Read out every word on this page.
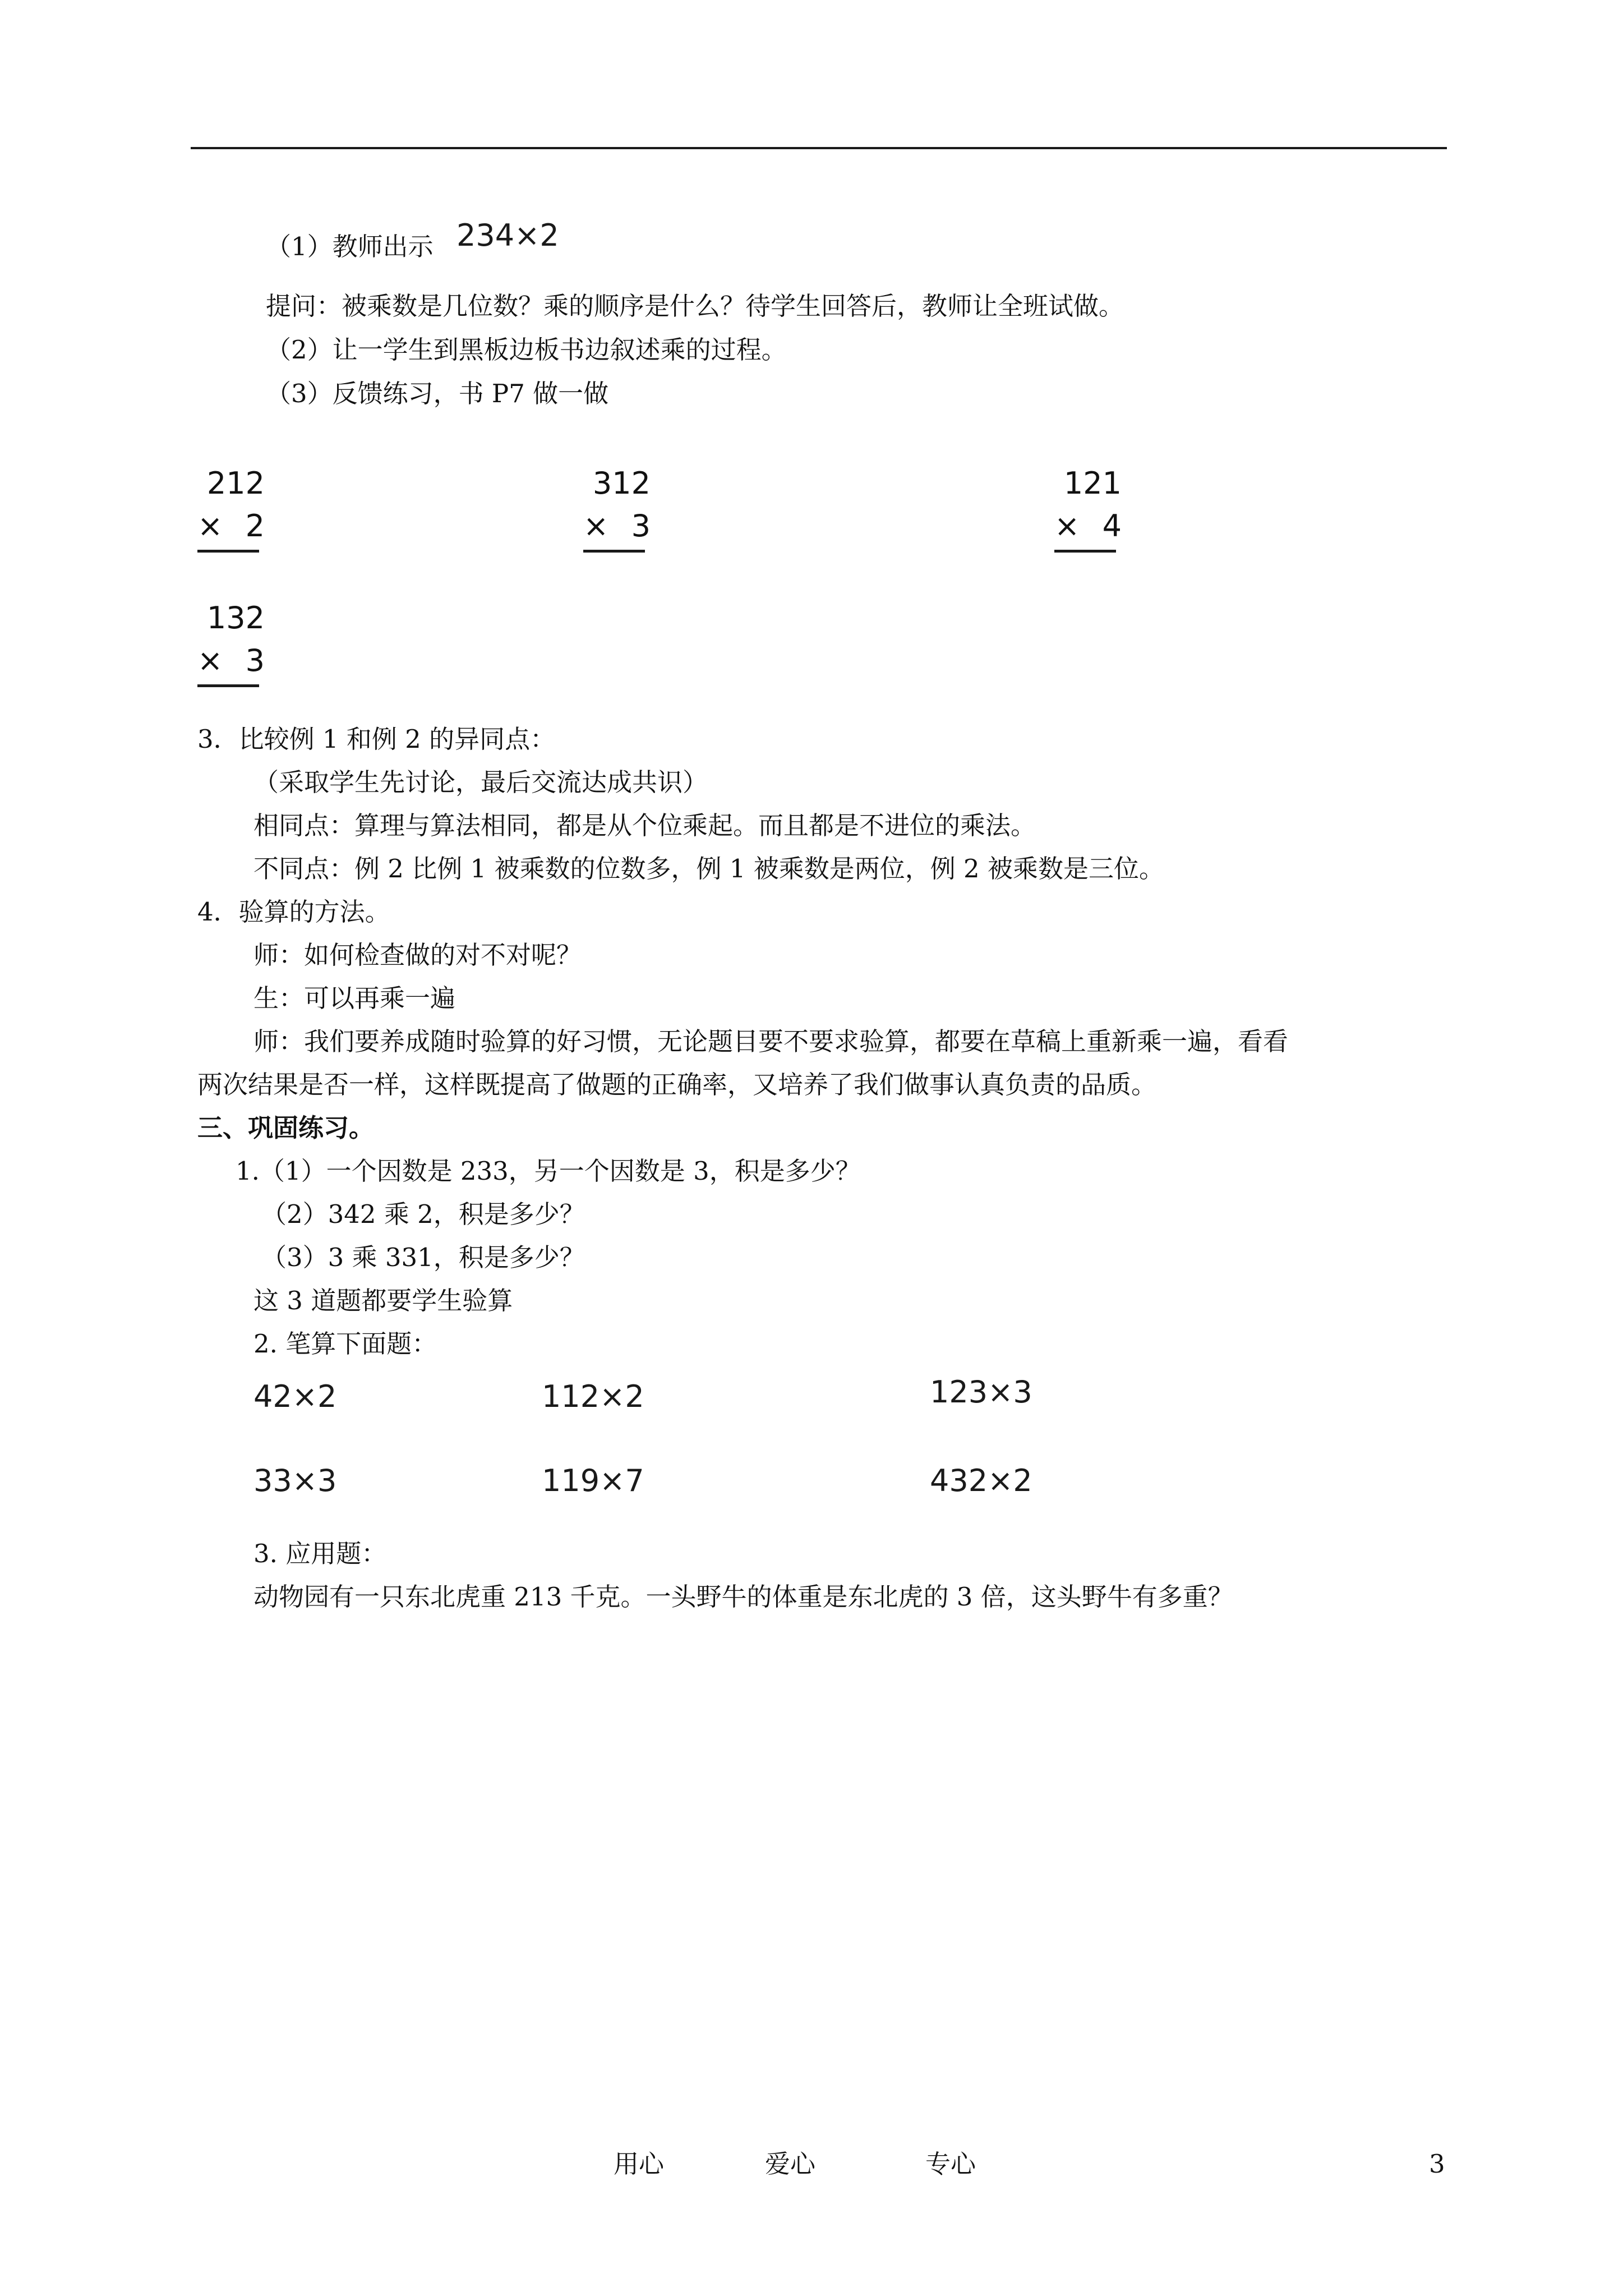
（1）教师出示 234×2
提问：被乘数是几位数？乘的顺序是什么？待学生回答后，教师让全班试做。
（2）让一学生到黑板边板书边叙述乘的过程。
（3）反馈练习，书 P7 做一做
212
× 2
312
× 3
121
× 4
132
× 3
3．比较例 1 和例 2 的异同点：
（采取学生先讨论，最后交流达成共识）
相同点：算理与算法相同，都是从个位乘起。而且都是不进位的乘法。
不同点：例 2 比例 1 被乘数的位数多，例 1 被乘数是两位，例 2 被乘数是三位。
4．验算的方法。
师：如何检查做的对不对呢？
生：可以再乘一遍
师：我们要养成随时验算的好习惯，无论题目要不要求验算，都要在草稿上重新乘一遍，看看
两次结果是否一样，这样既提高了做题的正确率，又培养了我们做事认真负责的品质。
三、巩固练习。
1.（1）一个因数是 233，另一个因数是 3，积是多少？
（2）342 乘 2，积是多少？
（3）3 乘 331，积是多少？
这 3 道题都要学生验算
2. 笔算下面题：
42×2	112×2	123×3
33×3	119×7	432×2
3. 应用题：
动物园有一只东北虎重 213 千克。一头野牛的体重是东北虎的 3 倍，这头野牛有多重？
用心	爱心	专心	3
